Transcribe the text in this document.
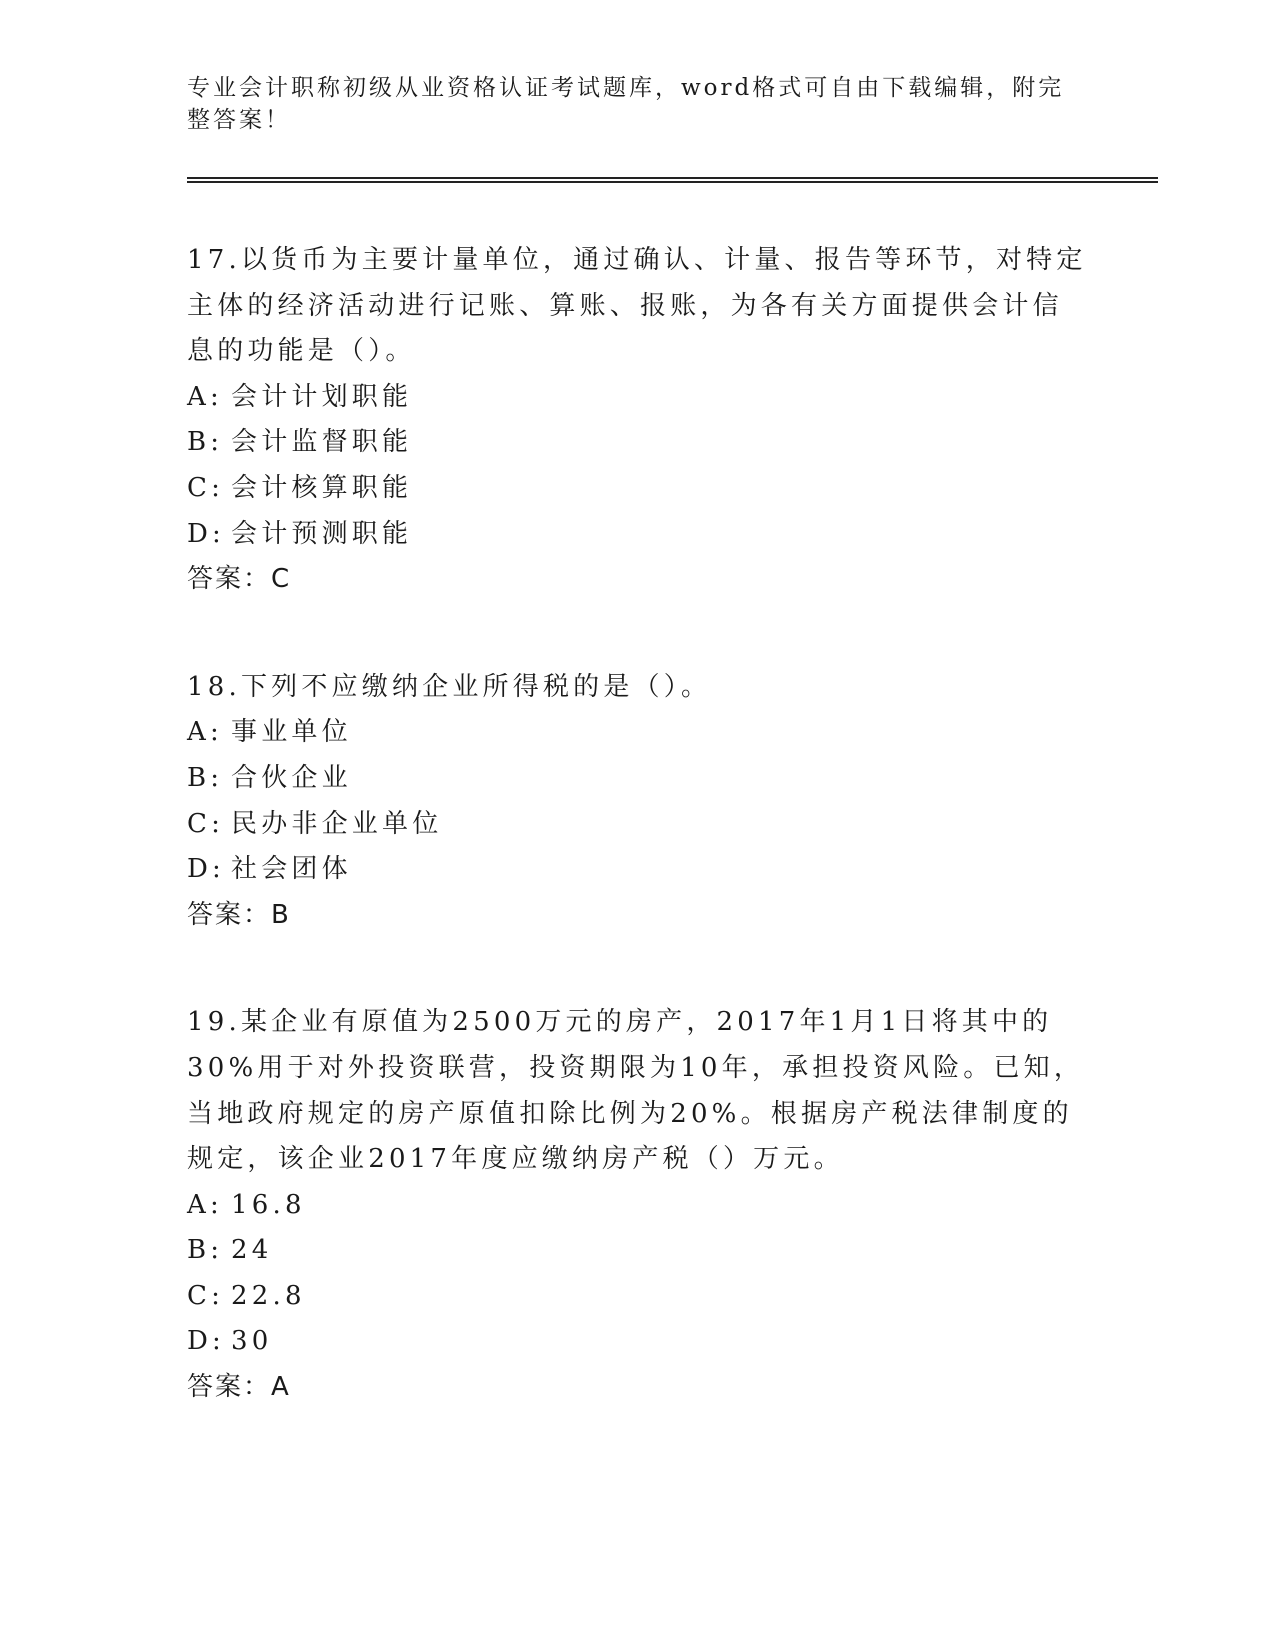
专业会计职称初级从业资格认证考试题库，word格式可自由下载编辑，附完整答案！

17.以货币为主要计量单位，通过确认、计量、报告等环节，对特定主体的经济活动进行记账、算账、报账，为各有关方面提供会计信息的功能是（）。

A: 会计计划职能
B: 会计监督职能
C: 会计核算职能
D: 会计预测职能
答案：C

18.下列不应缴纳企业所得税的是（）。

A: 事业单位
B: 合伙企业
C: 民办非企业单位
D: 社会团体
答案：B

19.某企业有原值为2500万元的房产，2017年1月1日将其中的30%用于对外投资联营，投资期限为10年，承担投资风险。已知，当地政府规定的房产原值扣除比例为20%。根据房产税法律制度的规定，该企业2017年度应缴纳房产税（）万元。

A: 16.8
B: 24
C: 22.8
D: 30
答案：A
